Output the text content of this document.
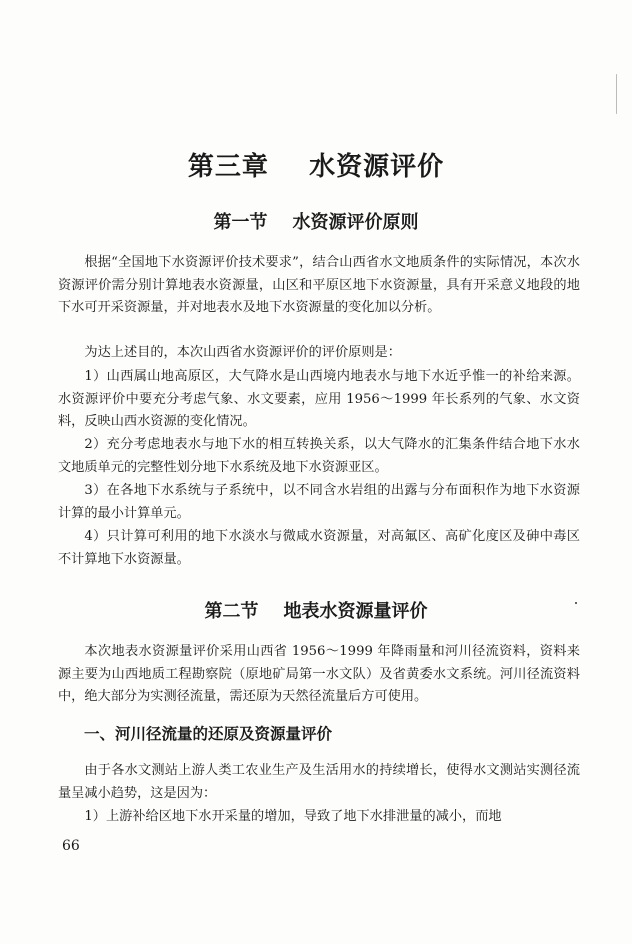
第三章    水资源评价
第一节    水资源评价原则

根据“全国地下水资源评价技术要求”，结合山西省水文地质条件的实际情况，本次水资源评价需分别计算地表水资源量，山区和平原区地下水资源量，具有开采意义地段的地下水可开采资源量，并对地表水及地下水资源量的变化加以分析。

为达上述目的，本次山西省水资源评价的评价原则是：

1）山西属山地高原区，大气降水是山西境内地表水与地下水近乎惟一的补给来源。水资源评价中要充分考虑气象、水文要素，应用 1956～1999 年长系列的气象、水文资料，反映山西水资源的变化情况。

2）充分考虑地表水与地下水的相互转换关系，以大气降水的汇集条件结合地下水水文地质单元的完整性划分地下水系统及地下水资源亚区。

3）在各地下水系统与子系统中，以不同含水岩组的出露与分布面积作为地下水资源计算的最小计算单元。

4）只计算可利用的地下水淡水与微咸水资源量，对高氟区、高矿化度区及砷中毒区不计算地下水资源量。

第二节    地表水资源量评价

本次地表水资源量评价采用山西省 1956～1999 年降雨量和河川径流资料，资料来源主要为山西地质工程勘察院（原地矿局第一水文队）及省黄委水文系统。河川径流资料中，绝大部分为实测径流量，需还原为天然径流量后方可使用。

一、河川径流量的还原及资源量评价

由于各水文测站上游人类工农业生产及生活用水的持续增长，使得水文测站实测径流量呈减小趋势，这是因为：

1）上游补给区地下水开采量的增加，导致了地下水排泄量的减小，而地

66
